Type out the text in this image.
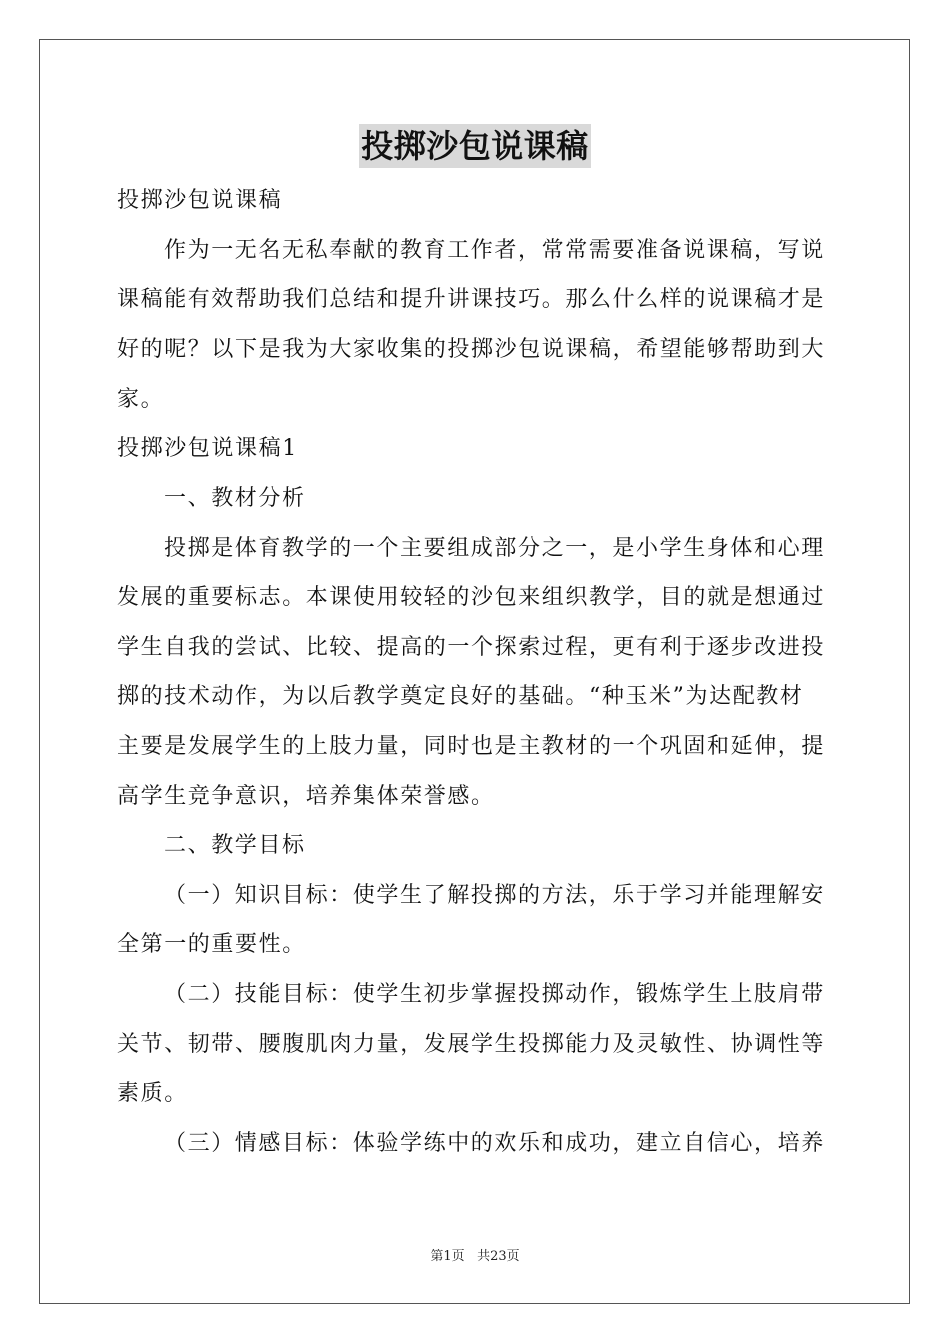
投掷沙包说课稿
投掷沙包说课稿
作为一无名无私奉献的教育工作者，常常需要准备说课稿，写说
课稿能有效帮助我们总结和提升讲课技巧。那么什么样的说课稿才是
好的呢？以下是我为大家收集的投掷沙包说课稿，希望能够帮助到大
家。
投掷沙包说课稿1
一、教材分析
投掷是体育教学的一个主要组成部分之一，是小学生身体和心理
发展的重要标志。本课使用较轻的沙包来组织教学，目的就是想通过
学生自我的尝试、比较、提高的一个探索过程，更有利于逐步改进投
掷的技术动作，为以后教学奠定良好的基础。“种玉米”为达配教材
主要是发展学生的上肢力量，同时也是主教材的一个巩固和延伸，提
高学生竞争意识，培养集体荣誉感。
二、教学目标
（一）知识目标：使学生了解投掷的方法，乐于学习并能理解安
全第一的重要性。
（二）技能目标：使学生初步掌握投掷动作，锻炼学生上肢肩带
关节、韧带、腰腹肌肉力量，发展学生投掷能力及灵敏性、协调性等
素质。
（三）情感目标：体验学练中的欢乐和成功，建立自信心，培养
第1页 共23页
